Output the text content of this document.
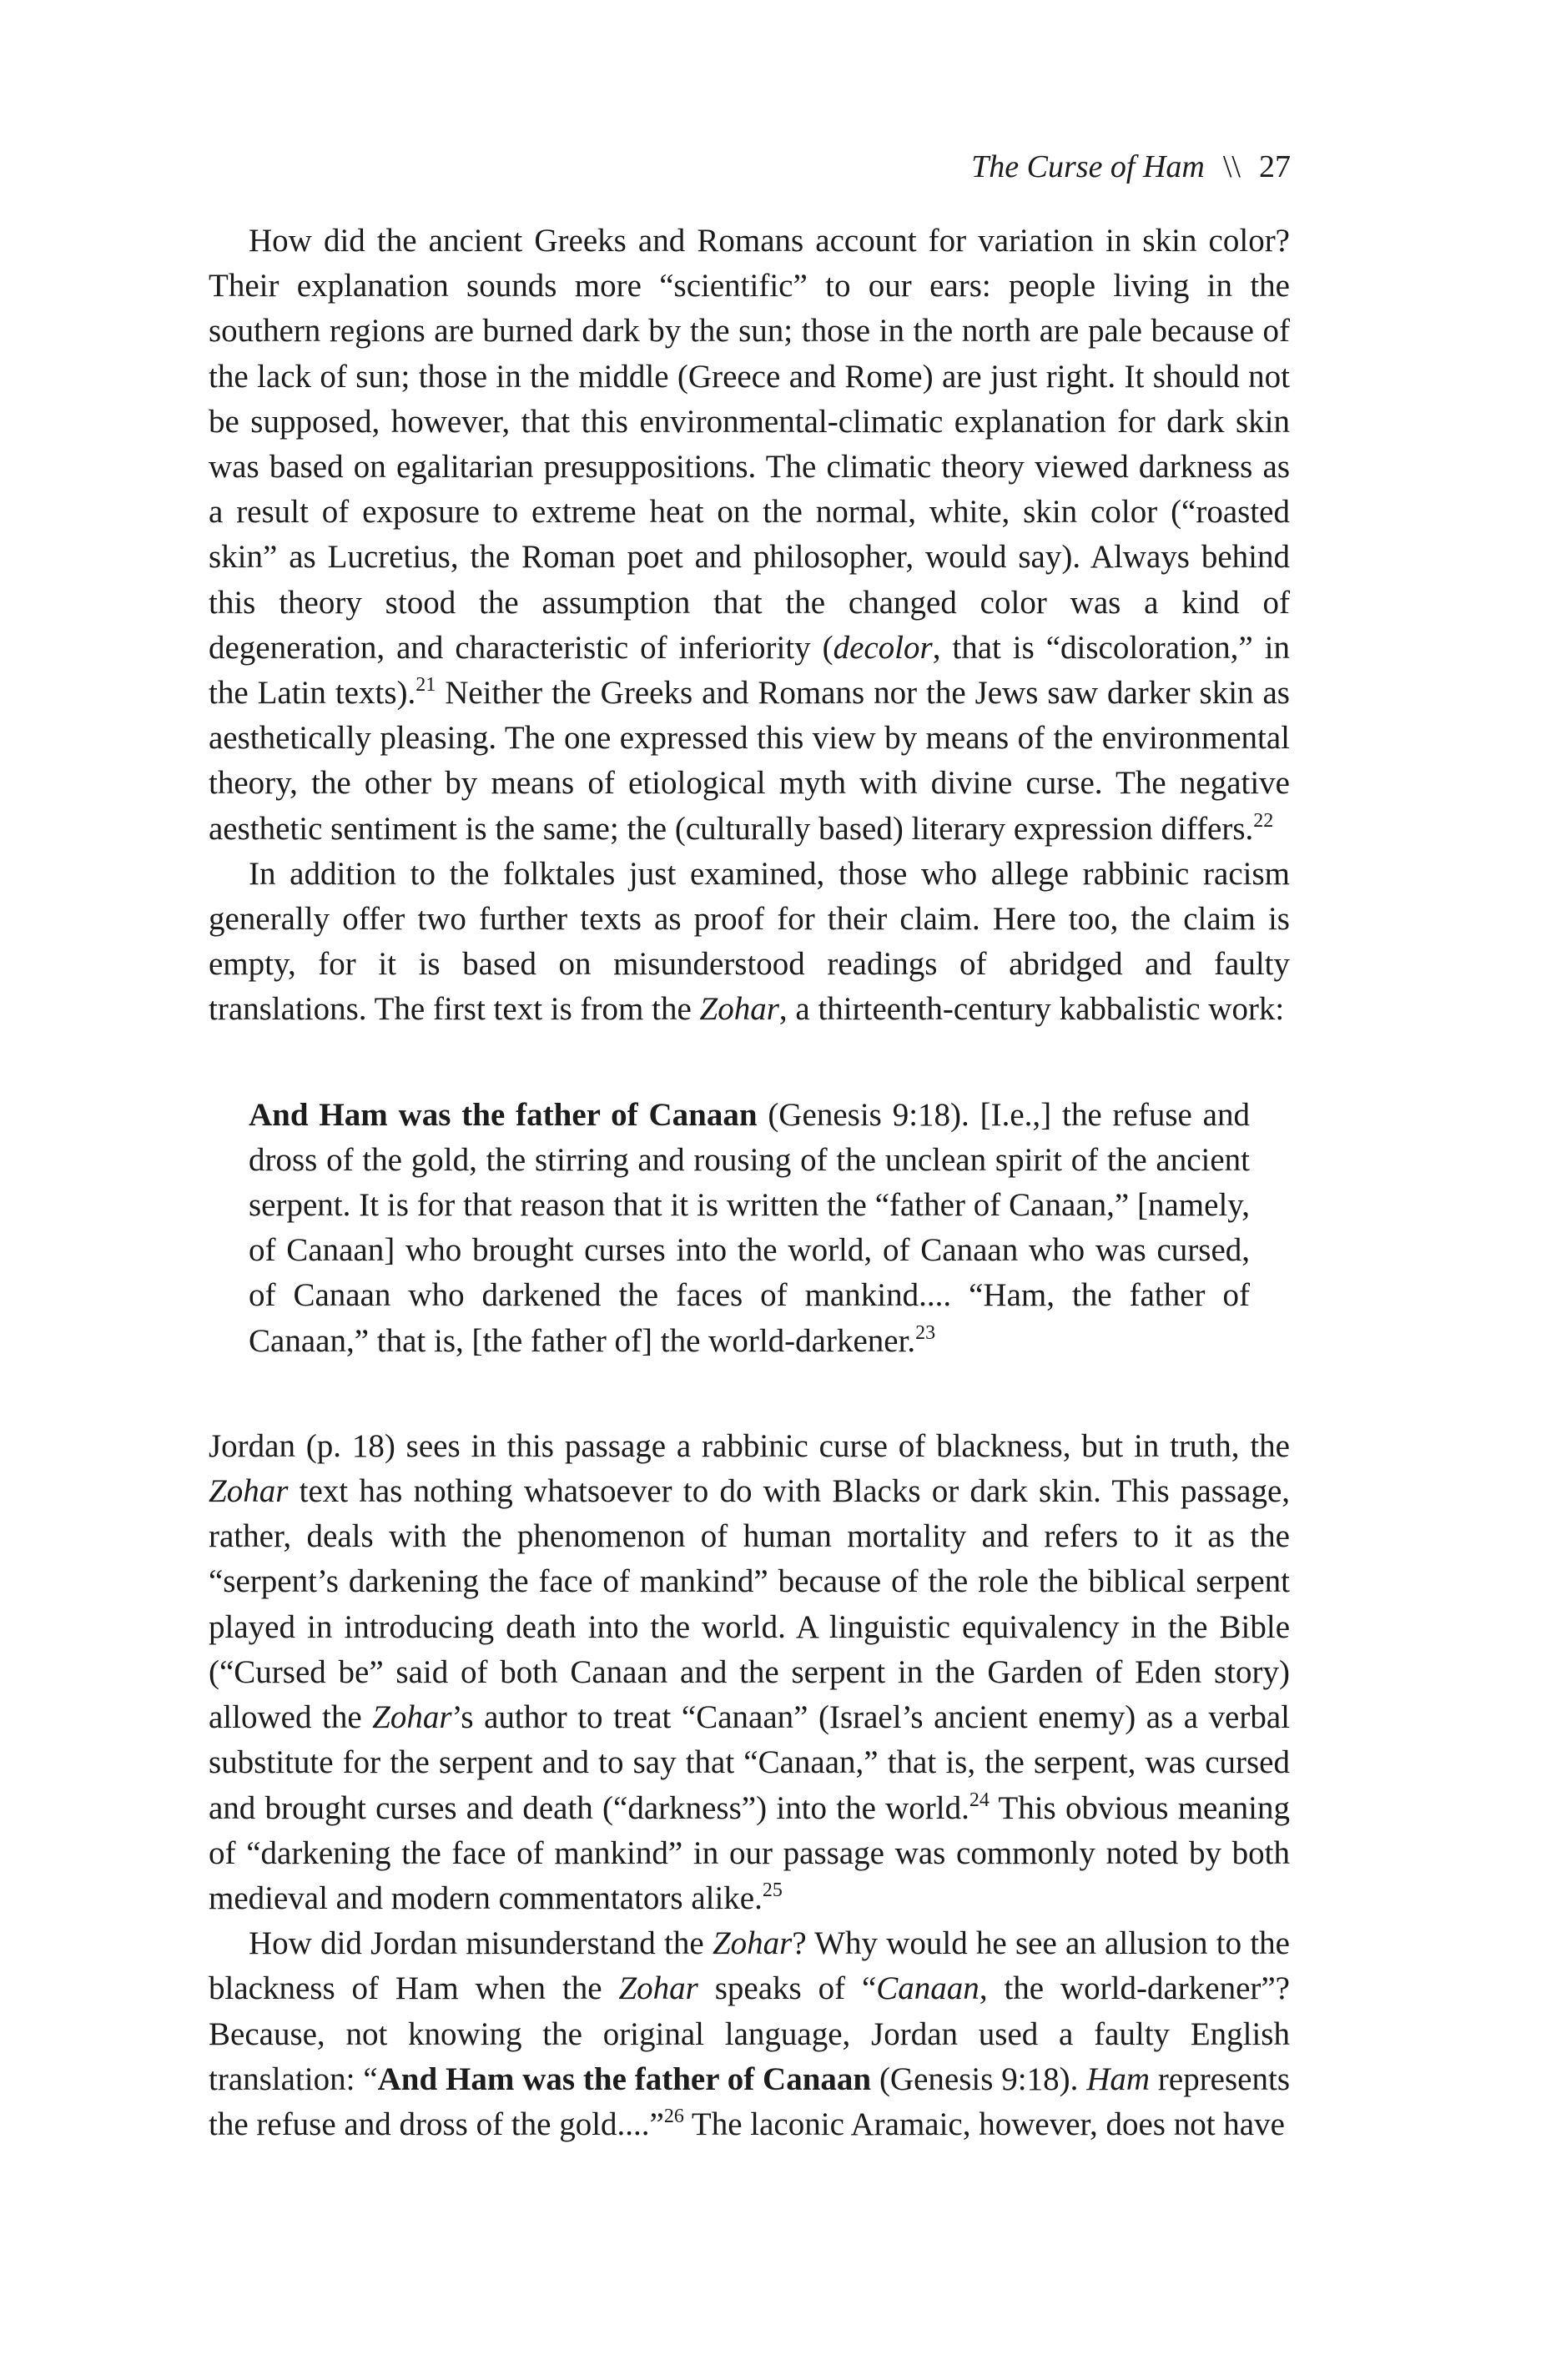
The Curse of Ham \\ 27

How did the ancient Greeks and Romans account for variation in skin color? Their explanation sounds more “scientific” to our ears: people living in the southern regions are burned dark by the sun; those in the north are pale because of the lack of sun; those in the middle (Greece and Rome) are just right. It should not be supposed, however, that this environmental-climatic explanation for dark skin was based on egalitarian presuppositions. The climatic theory viewed darkness as a result of exposure to extreme heat on the normal, white, skin color (“roasted skin” as Lucretius, the Roman poet and philosopher, would say). Always behind this theory stood the assumption that the changed color was a kind of degeneration, and characteristic of inferiority (decolor, that is “discoloration,” in the Latin texts).$^{21}$ Neither the Greeks and Romans nor the Jews saw darker skin as aesthetically pleasing. The one expressed this view by means of the environmental theory, the other by means of etiological myth with divine curse. The negative aesthetic sentiment is the same; the (culturally based) literary expression differs.$^{22}$

In addition to the folktales just examined, those who allege rabbinic racism generally offer two further texts as proof for their claim. Here too, the claim is empty, for it is based on misunderstood readings of abridged and faulty translations. The first text is from the Zohar, a thirteenth-century kabbalistic work:

And Ham was the father of Canaan (Genesis 9:18). [I.e.,] the refuse and dross of the gold, the stirring and rousing of the unclean spirit of the ancient serpent. It is for that reason that it is written the “father of Canaan,” [namely, of Canaan] who brought curses into the world, of Canaan who was cursed, of Canaan who darkened the faces of mankind.... “Ham, the father of Canaan,” that is, [the father of] the world-darkener.$^{23}$

Jordan (p. 18) sees in this passage a rabbinic curse of blackness, but in truth, the Zohar text has nothing whatsoever to do with Blacks or dark skin. This passage, rather, deals with the phenomenon of human mortality and refers to it as the “serpent’s darkening the face of mankind” because of the role the biblical serpent played in introducing death into the world. A linguistic equivalency in the Bible (“Cursed be” said of both Canaan and the serpent in the Garden of Eden story) allowed the Zohar’s author to treat “Canaan” (Israel’s ancient enemy) as a verbal substitute for the serpent and to say that “Canaan,” that is, the serpent, was cursed and brought curses and death (“darkness”) into the world.$^{24}$ This obvious meaning of “darkening the face of mankind” in our passage was commonly noted by both medieval and modern commentators alike.$^{25}$

How did Jordan misunderstand the Zohar? Why would he see an allusion to the blackness of Ham when the Zohar speaks of “Canaan, the world-darkener”? Because, not knowing the original language, Jordan used a faulty English translation: “And Ham was the father of Canaan (Genesis 9:18). Ham represents the refuse and dross of the gold....”$^{26}$ The laconic Aramaic, however, does not have
